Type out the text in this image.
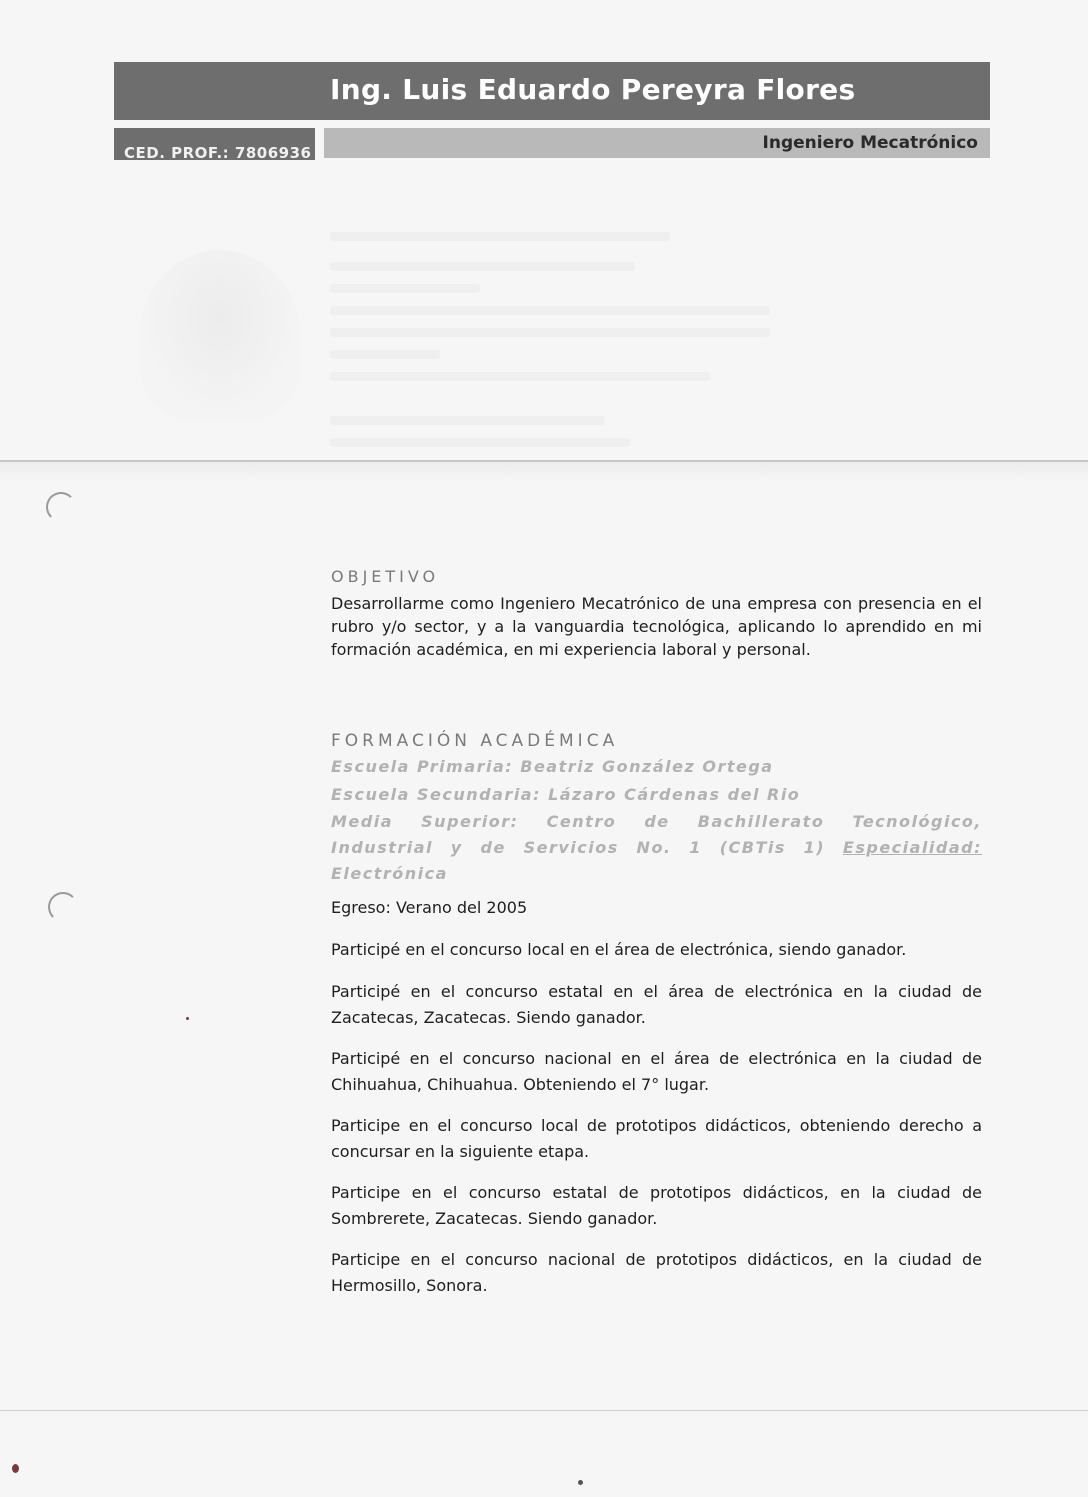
Ing. Luis Eduardo Pereyra Flores
CED. PROF.: 7806936	Ingeniero Mecatrónico
OBJETIVO
Desarrollarme como Ingeniero Mecatrónico de una empresa con presencia en el rubro y/o sector, y a la vanguardia tecnológica, aplicando lo aprendido en mi formación académica, en mi experiencia laboral y personal.
FORMACIÓN ACADÉMICA
Escuela Primaria: Beatriz González Ortega
Escuela Secundaria: Lázaro Cárdenas del Rio
Media Superior: Centro de Bachillerato Tecnológico, Industrial y de Servicios No. 1 (CBTis 1) Especialidad: Electrónica
Egreso: Verano del 2005
Participé en el concurso local en el área de electrónica, siendo ganador.
Participé en el concurso estatal en el área de electrónica en la ciudad de Zacatecas, Zacatecas. Siendo ganador.
Participé en el concurso nacional en el área de electrónica en la ciudad de Chihuahua, Chihuahua. Obteniendo el 7° lugar.
Participe en el concurso local de prototipos didácticos, obteniendo derecho a concursar en la siguiente etapa.
Participe en el concurso estatal de prototipos didácticos, en la ciudad de Sombrerete, Zacatecas. Siendo ganador.
Participe en el concurso nacional de prototipos didácticos, en la ciudad de Hermosillo, Sonora.
